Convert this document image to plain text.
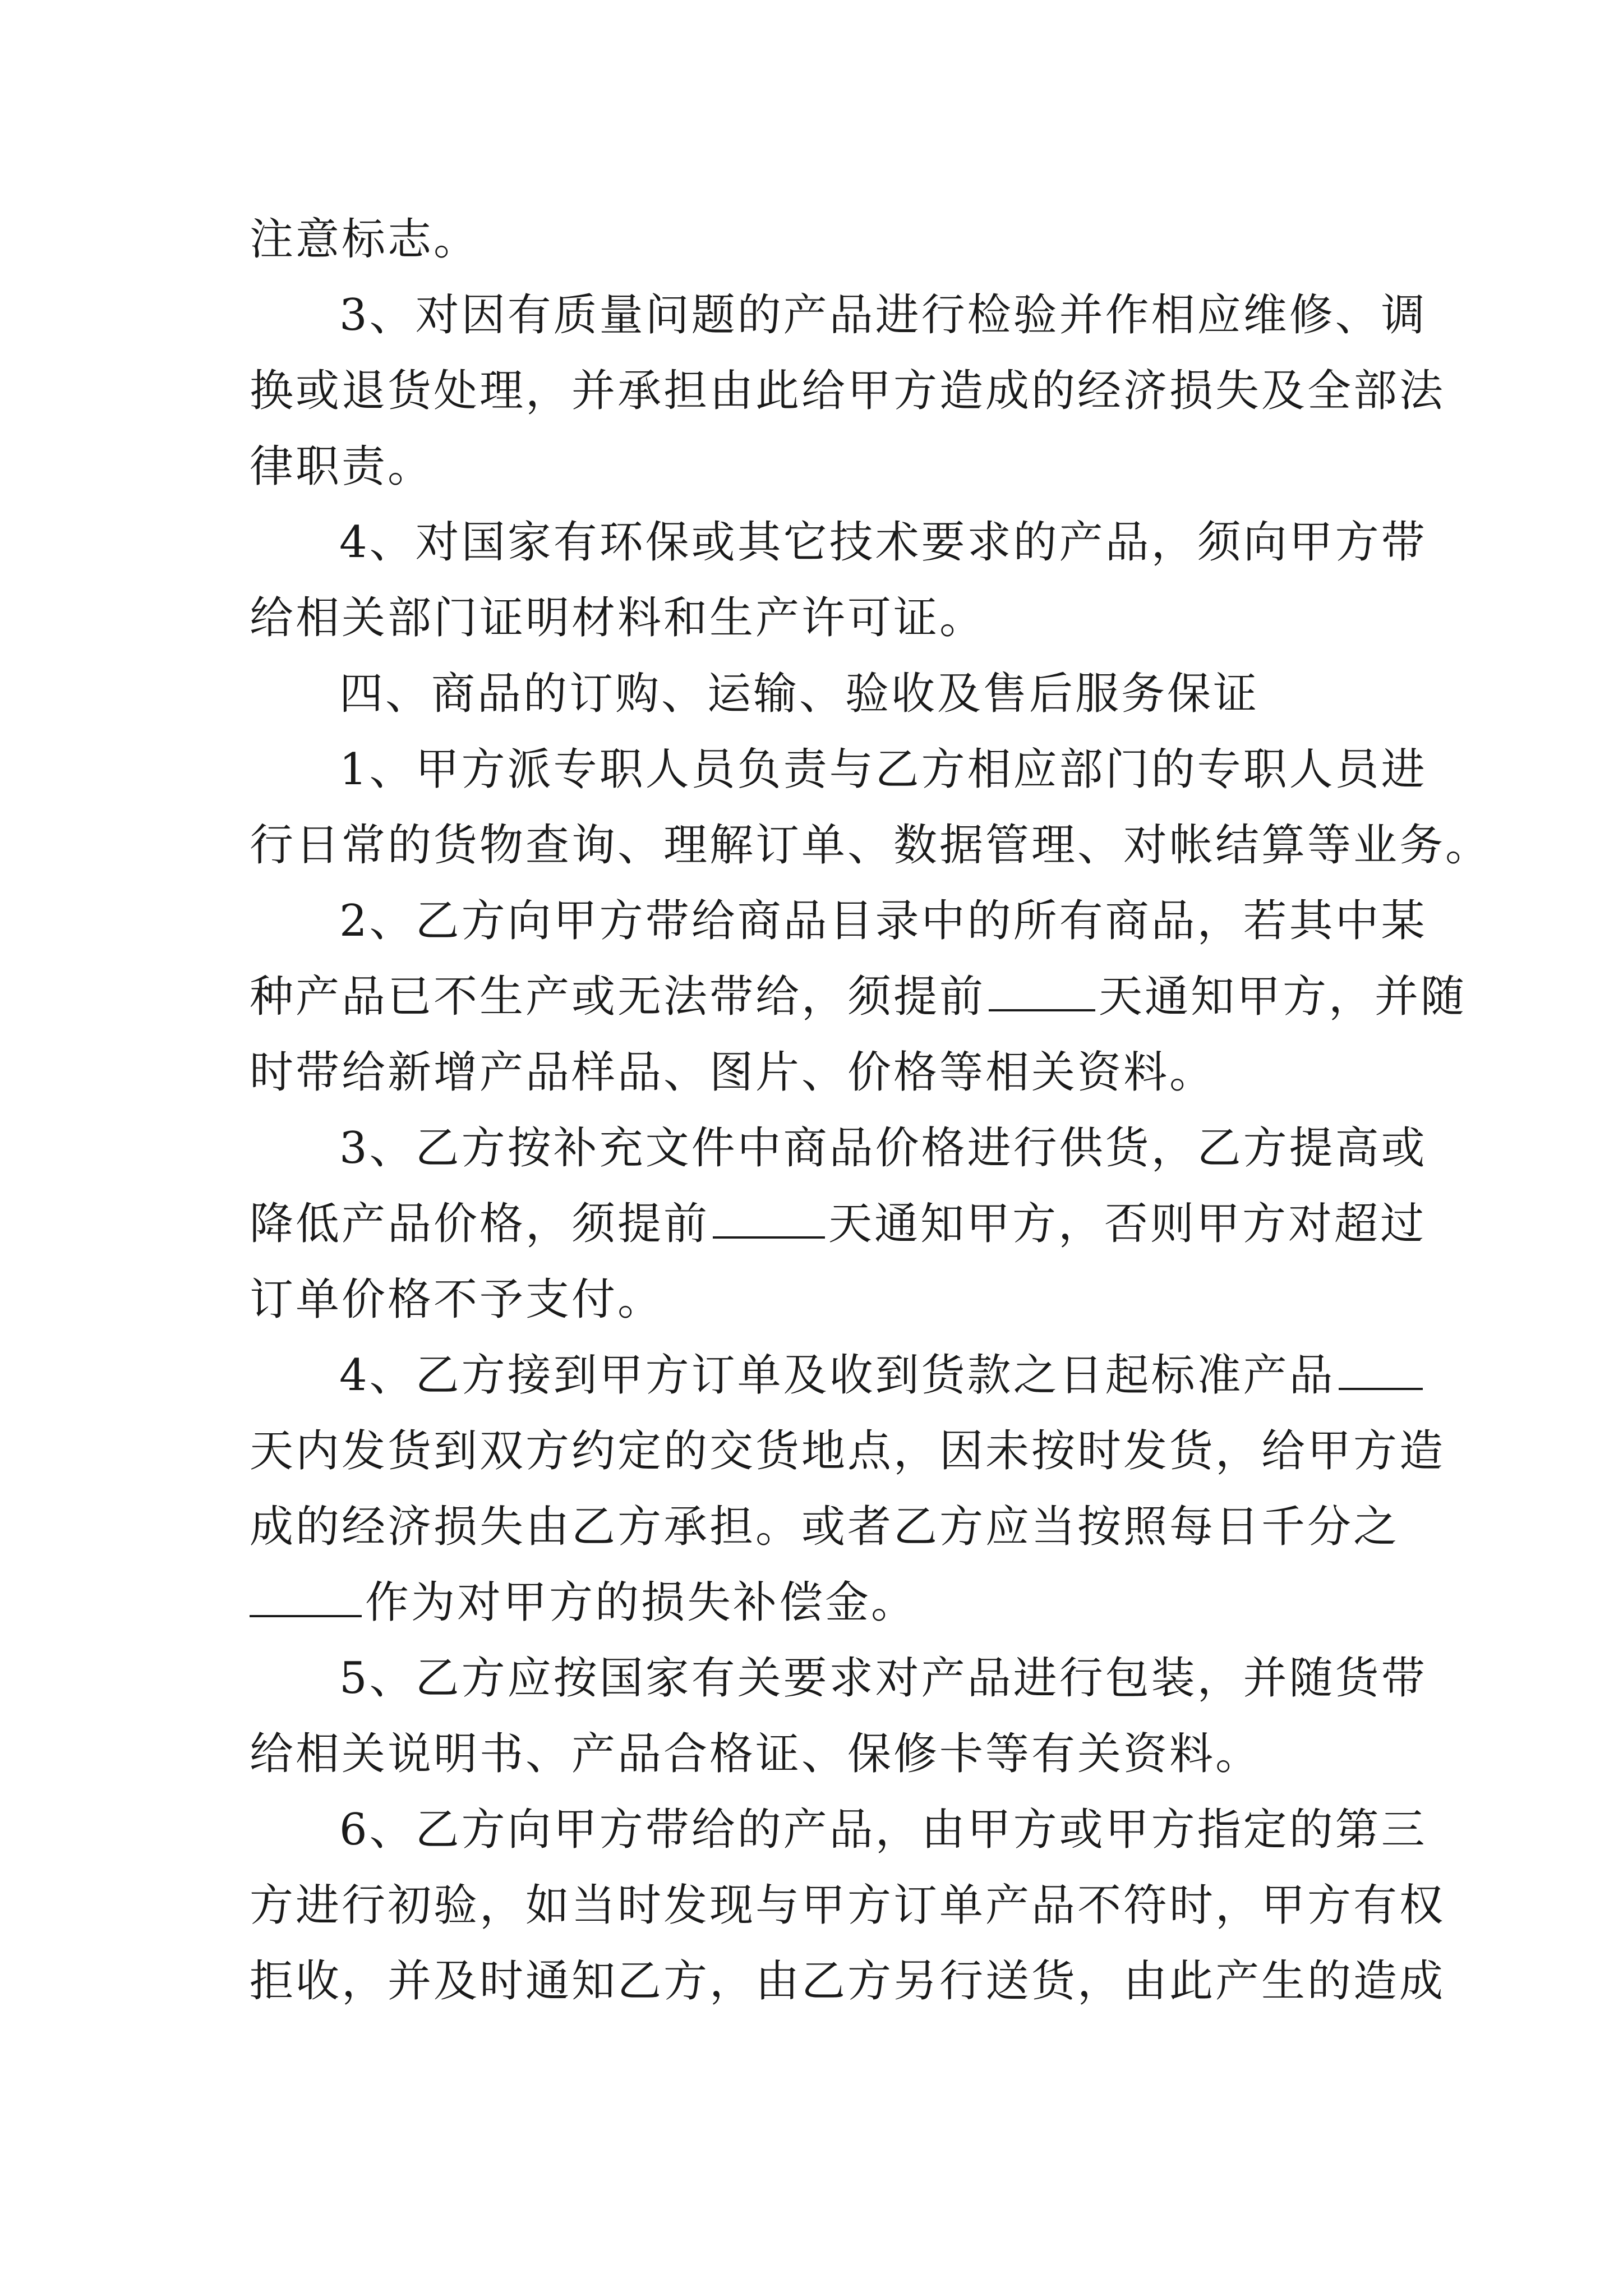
注意标志。
3、对因有质量问题的产品进行检验并作相应维修、调
换或退货处理，并承担由此给甲方造成的经济损失及全部法
律职责。
4、对国家有环保或其它技术要求的产品，须向甲方带
给相关部门证明材料和生产许可证。
四、商品的订购、运输、验收及售后服务保证
1、甲方派专职人员负责与乙方相应部门的专职人员进
行日常的货物查询、理解订单、数据管理、对帐结算等业务。
2、乙方向甲方带给商品目录中的所有商品，若其中某
种产品已不生产或无法带给，须提前	天通知甲方，并随
时带给新增产品样品、图片、价格等相关资料。
3、乙方按补充文件中商品价格进行供货，乙方提高或
降低产品价格，须提前	天通知甲方，否则甲方对超过
订单价格不予支付。
4、乙方接到甲方订单及收到货款之日起标准产品
天内发货到双方约定的交货地点，因未按时发货，给甲方造
成的经济损失由乙方承担。或者乙方应当按照每日千分之
作为对甲方的损失补偿金。
5、乙方应按国家有关要求对产品进行包装，并随货带
给相关说明书、产品合格证、保修卡等有关资料。
6、乙方向甲方带给的产品，由甲方或甲方指定的第三
方进行初验，如当时发现与甲方订单产品不符时，甲方有权
拒收，并及时通知乙方，由乙方另行送货，由此产生的造成
